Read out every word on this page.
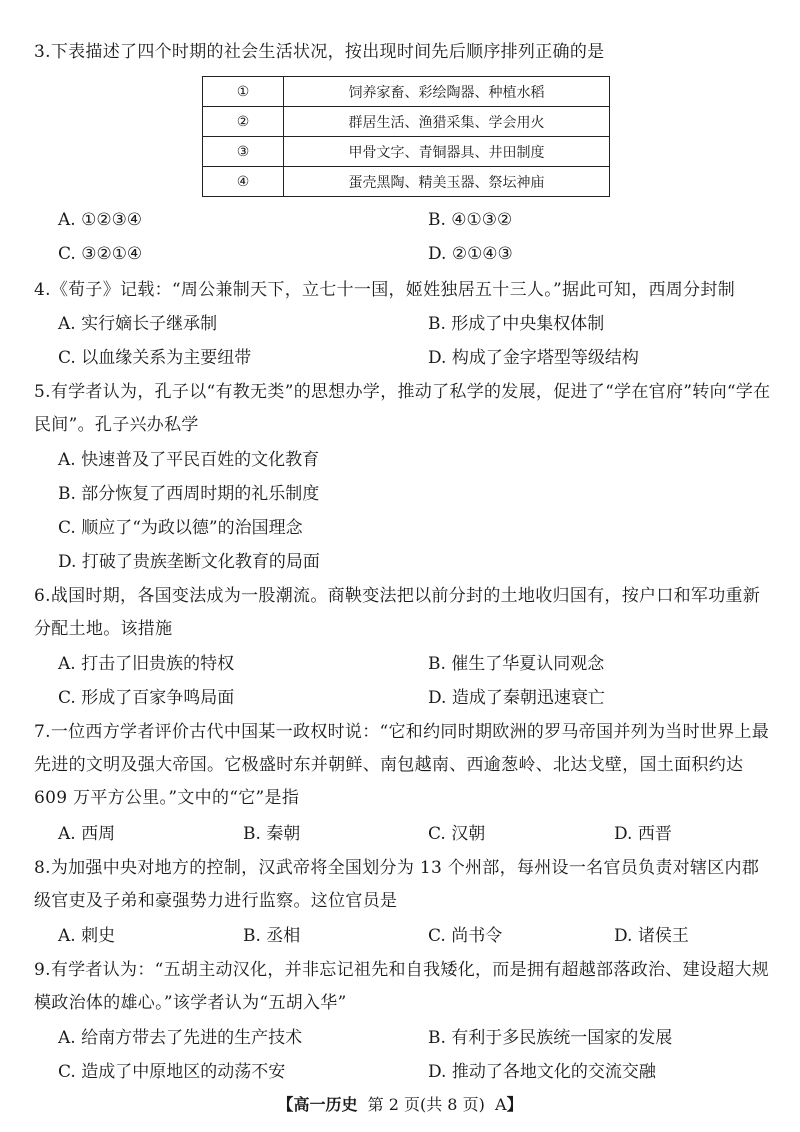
3.下表描述了四个时期的社会生活状况，按出现时间先后顺序排列正确的是
①	饲养家畜、彩绘陶器、种植水稻
②	群居生活、渔猎采集、学会用火
③	甲骨文字、青铜器具、井田制度
④	蛋壳黑陶、精美玉器、祭坛神庙
A. ①②③④	B. ④①③②
C. ③②①④	D. ②①④③
4.《荀子》记载：“周公兼制天下，立七十一国，姬姓独居五十三人。”据此可知，西周分封制
A. 实行嫡长子继承制	B. 形成了中央集权体制
C. 以血缘关系为主要纽带	D. 构成了金字塔型等级结构
5.有学者认为，孔子以“有教无类”的思想办学，推动了私学的发展，促进了“学在官府”转向“学在民间”。孔子兴办私学
A. 快速普及了平民百姓的文化教育
B. 部分恢复了西周时期的礼乐制度
C. 顺应了“为政以德”的治国理念
D. 打破了贵族垄断文化教育的局面
6.战国时期，各国变法成为一股潮流。商鞅变法把以前分封的土地收归国有，按户口和军功重新分配土地。该措施
A. 打击了旧贵族的特权	B. 催生了华夏认同观念
C. 形成了百家争鸣局面	D. 造成了秦朝迅速衰亡
7.一位西方学者评价古代中国某一政权时说：“它和约同时期欧洲的罗马帝国并列为当时世界上最先进的文明及强大帝国。它极盛时东并朝鲜、南包越南、西逾葱岭、北达戈壁，国土面积约达 609 万平方公里。”文中的“它”是指
A. 西周	B. 秦朝	C. 汉朝	D. 西晋
8.为加强中央对地方的控制，汉武帝将全国划分为 13 个州部，每州设一名官员负责对辖区内郡级官吏及子弟和豪强势力进行监察。这位官员是
A. 刺史	B. 丞相	C. 尚书令	D. 诸侯王
9.有学者认为：“五胡主动汉化，并非忘记祖先和自我矮化，而是拥有超越部落政治、建设超大规模政治体的雄心。”该学者认为“五胡入华”
A. 给南方带去了先进的生产技术	B. 有利于多民族统一国家的发展
C. 造成了中原地区的动荡不安	D. 推动了各地文化的交流交融
【高一历史 第 2 页(共 8 页) A】
